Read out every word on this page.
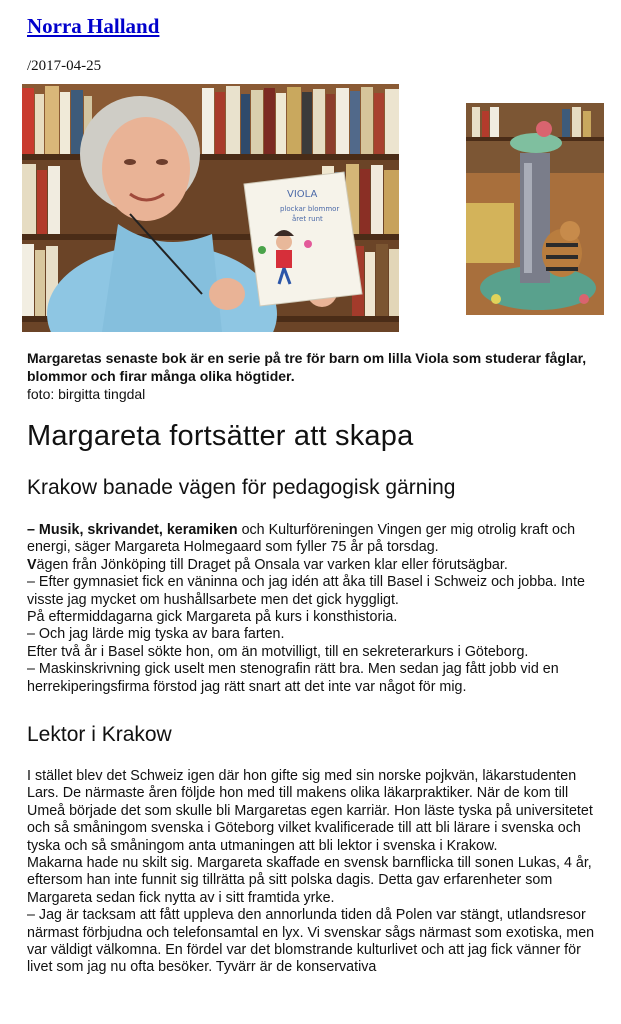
Norra Halland
/2017-04-25
VIOLA
plockar blommor
året runt
Margaretas senaste bok är en serie på tre för barn om lilla Viola som studerar fåglar, blommor och firar många olika högtider.
foto: birgitta tingdal
Margareta fortsätter att skapa
Krakow banade vägen för pedagogisk gärning

– Musik, skrivandet, keramiken och Kulturföreningen Vingen ger mig otrolig kraft och energi, säger Margareta Holmegaard som fyller 75 år på torsdag.

Vägen från Jönköping till Draget på Onsala var varken klar eller förutsägbar.

– Efter gymnasiet fick en väninna och jag idén att åka till Basel i Schweiz och jobba. Inte visste jag mycket om hushållsarbete men det gick hyggligt.

På eftermiddagarna gick Margareta på kurs i konsthistoria.

– Och jag lärde mig tyska av bara farten.

Efter två år i Basel sökte hon, om än motvilligt, till en sekreterarkurs i Göteborg.

– Maskinskrivning gick uselt men stenografin rätt bra. Men sedan jag fått jobb vid en herrekiperingsfirma förstod jag rätt snart att det inte var något för mig.

Lektor i Krakow

I stället blev det Schweiz igen där hon gifte sig med sin norske pojkvän, läkarstudenten Lars. De närmaste åren följde hon med till makens olika läkarpraktiker. När de kom till Umeå började det som skulle bli Margaretas egen karriär. Hon läste tyska på universitetet och så småningom svenska i Göteborg vilket kvalificerade till att bli lärare i svenska och tyska och så småningom anta utmaningen att bli lektor i svenska i Krakow.

Makarna hade nu skilt sig. Margareta skaffade en svensk barnflicka till sonen Lukas, 4 år, eftersom han inte funnit sig tillrätta på sitt polska dagis. Detta gav erfarenheter som Margareta sedan fick nytta av i sitt framtida yrke.

– Jag är tacksam att fått uppleva den annorlunda tiden då Polen var stängt, utlandsresor närmast förbjudna och telefonsamtal en lyx. Vi svenskar sågs närmast som exotiska, men var väldigt välkomna. En fördel var det blomstrande kulturlivet och att jag fick vänner för livet som jag nu ofta besöker. Tyvärr är de konservativa
